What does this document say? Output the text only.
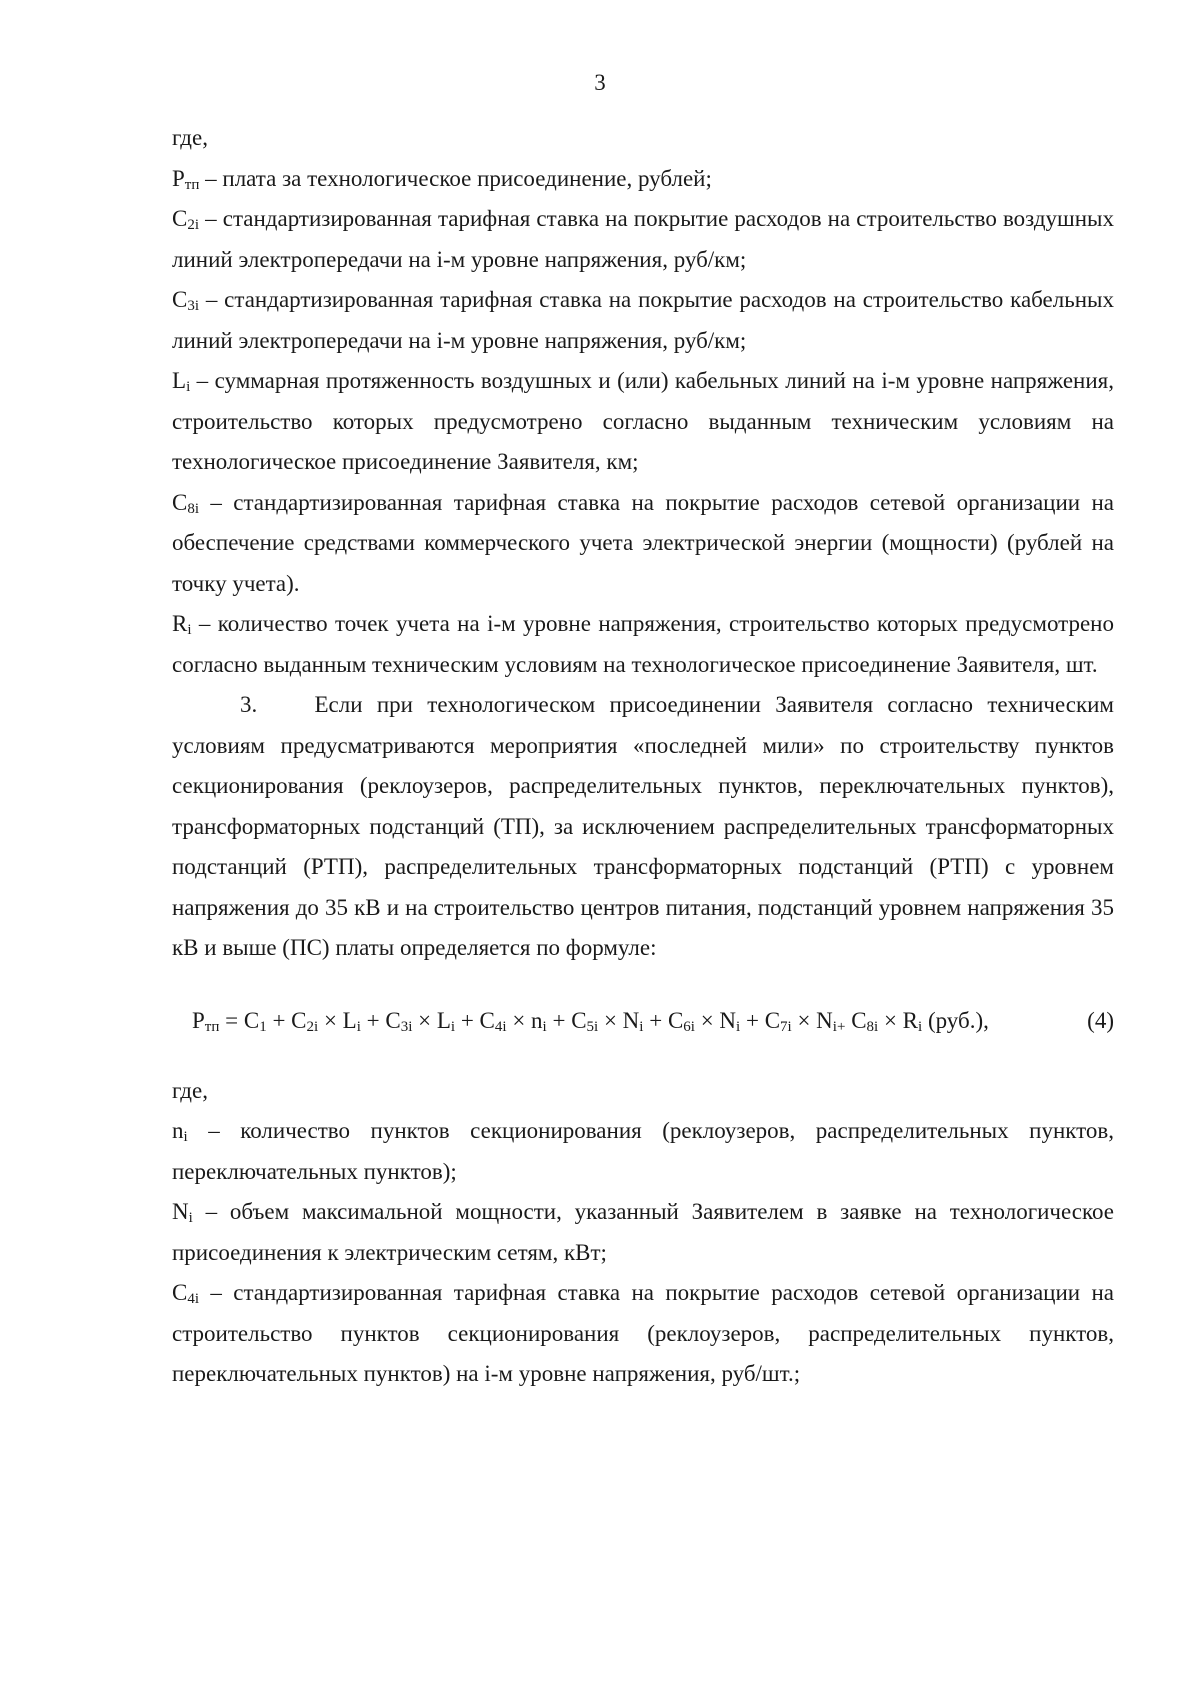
3

где,

$P_{тп}$ – плата за технологическое присоединение, рублей;

$C_{2i}$ – стандартизированная тарифная ставка на покрытие расходов на строительство воздушных линий электропередачи на i-м уровне напряжения, руб/км;

$C_{3i}$ – стандартизированная тарифная ставка на покрытие расходов на строительство кабельных линий электропередачи на i-м уровне напряжения, руб/км;

$L_i$ – суммарная протяженность воздушных и (или) кабельных линий на i-м уровне напряжения, строительство которых предусмотрено согласно выданным техническим условиям на технологическое присоединение Заявителя, км;

$C_{8i}$ – стандартизированная тарифная ставка на покрытие расходов сетевой организации на обеспечение средствами коммерческого учета электрической энергии (мощности) (рублей на точку учета).

$R_i$ – количество точек учета на i-м уровне напряжения, строительство которых предусмотрено согласно выданным техническим условиям на технологическое присоединение Заявителя, шт.

3.    Если при технологическом присоединении Заявителя согласно техническим условиям предусматриваются мероприятия «последней мили» по строительству пунктов секционирования (реклоузеров, распределительных пунктов, переключательных пунктов), трансформаторных подстанций (ТП), за исключением распределительных трансформаторных подстанций (РТП), распределительных трансформаторных подстанций (РТП) с уровнем напряжения до 35 кВ и на строительство центров питания, подстанций уровнем напряжения 35 кВ и выше (ПС) платы определяется по формуле:

$P_{тп} = C_1 + C_{2i} \times L_i + C_{3i} \times L_i + C_{4i} \times n_i + C_{5i} \times N_i + C_{6i} \times N_i + C_{7i} \times N_{i+}$ $C_{8i} \times R_i$ (руб.),	(4)

где,

$n_i$ – количество пунктов секционирования (реклоузеров, распределительных пунктов, переключательных пунктов);

$N_i$ – объем максимальной мощности, указанный Заявителем в заявке на технологическое присоединения к электрическим сетям, кВт;

$C_{4i}$ – стандартизированная тарифная ставка на покрытие расходов сетевой организации на строительство пунктов секционирования (реклоузеров, распределительных пунктов, переключательных пунктов) на i-м уровне напряжения, руб/шт.;
